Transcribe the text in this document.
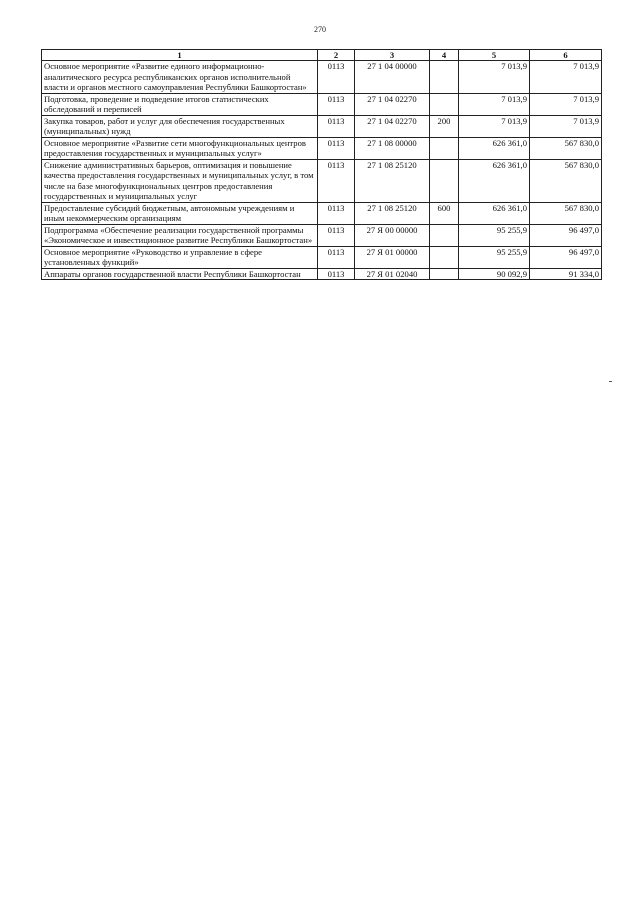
270
1	2	3	4	5	6
Основное мероприятие «Развитие единого информационно-аналитического ресурса республиканских органов исполнительной власти и органов местного самоуправления Республики Башкортостан»	0113	27 1 04 00000		7 013,9	7 013,9
Подготовка, проведение и подведение итогов статистических обследований и переписей	0113	27 1 04 02270		7 013,9	7 013,9
Закупка товаров, работ и услуг для обеспечения государственных (муниципальных) нужд	0113	27 1 04 02270	200	7 013,9	7 013,9
Основное мероприятие «Развитие сети многофункциональных центров предоставления государственных и муниципальных услуг»	0113	27 1 08 00000		626 361,0	567 830,0
Снижение административных барьеров, оптимизация и повышение качества предоставления государственных и муниципальных услуг, в том числе на базе многофункциональных центров предоставления государственных и муниципальных услуг	0113	27 1 08 25120		626 361,0	567 830,0
Предоставление субсидий бюджетным, автономным учреждениям и иным некоммерческим организациям	0113	27 1 08 25120	600	626 361,0	567 830,0
Подпрограмма «Обеспечение реализации государственной программы «Экономическое и инвестиционное развитие Республики Башкортостан»	0113	27 Я 00 00000		95 255,9	96 497,0
Основное мероприятие «Руководство и управление в сфере установленных функций»	0113	27 Я 01 00000		95 255,9	96 497,0
Аппараты органов государственной власти Республики Башкортостан	0113	27 Я 01 02040		90 092,9	91 334,0
